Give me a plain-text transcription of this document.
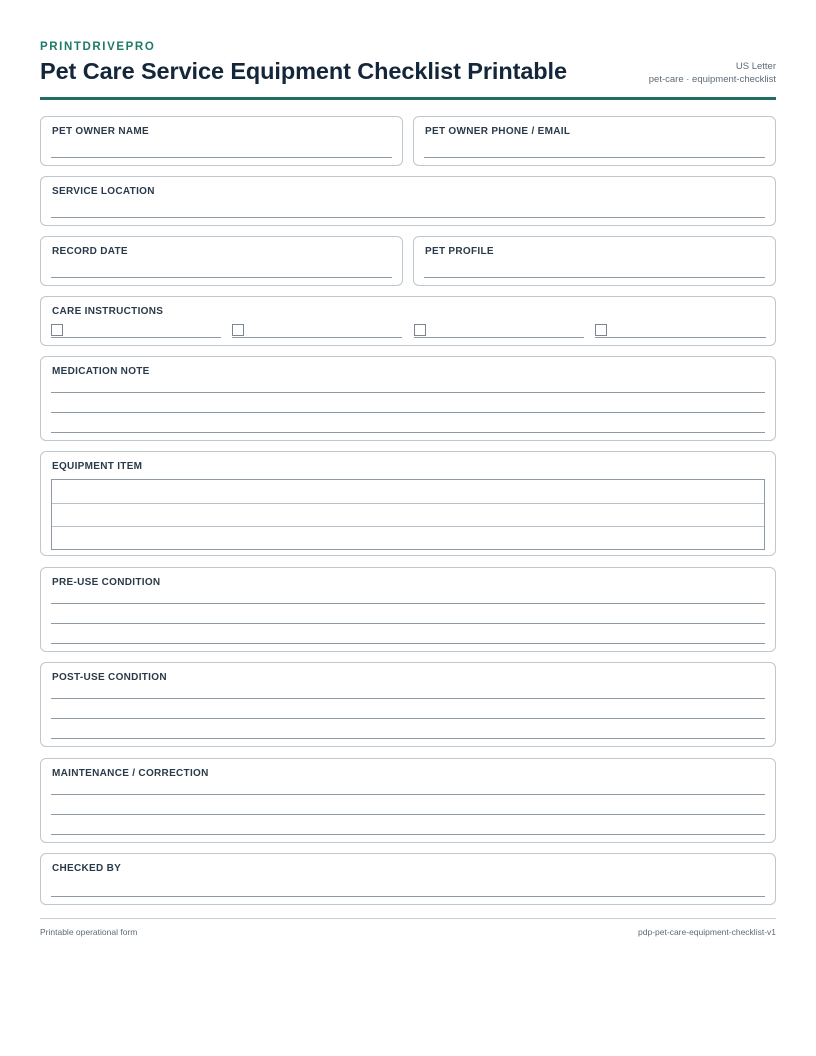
PRINTDRIVEPRO
Pet Care Service Equipment Checklist Printable	US Letter
pet-care · equipment-checklist
PET OWNER NAME	PET OWNER PHONE / EMAIL
SERVICE LOCATION
RECORD DATE	PET PROFILE
CARE INSTRUCTIONS
MEDICATION NOTE
EQUIPMENT ITEM
PRE-USE CONDITION
POST-USE CONDITION
MAINTENANCE / CORRECTION
CHECKED BY
Printable operational form	pdp-pet-care-equipment-checklist-v1
